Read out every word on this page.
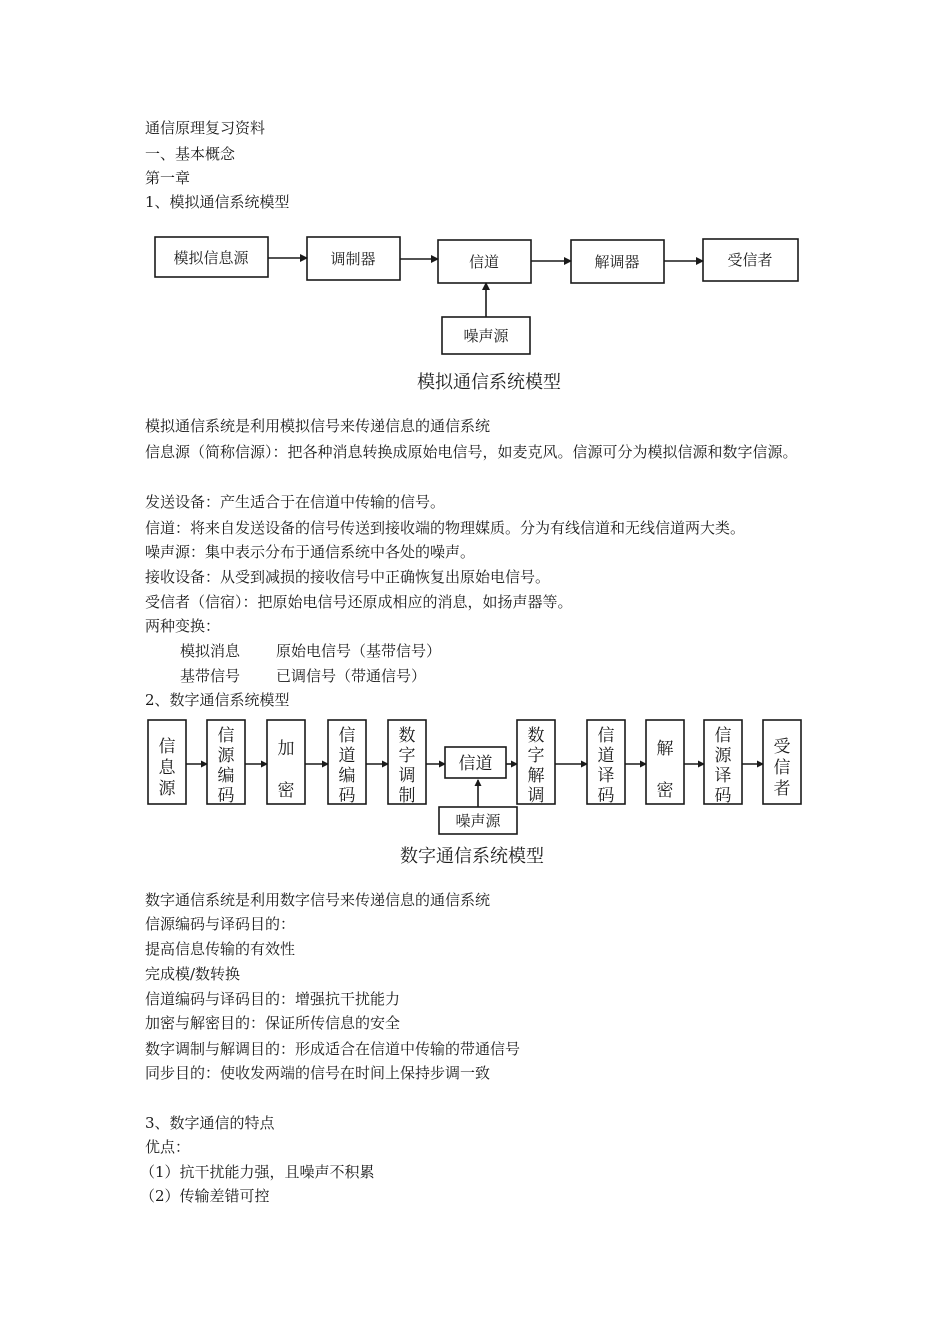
通信原理复习资料
一、基本概念
第一章
1、模拟通信系统模型
模拟信息源	调制器	信道	解调器	受信者
噪声源
模拟通信系统模型
模拟通信系统是利用模拟信号来传递信息的通信系统
信息源（简称信源）：把各种消息转换成原始电信号，如麦克风。信源可分为模拟信源和数字信源。
发送设备：产生适合于在信道中传输的信号。
信道：将来自发送设备的信号传送到接收端的物理媒质。分为有线信道和无线信道两大类。
噪声源：集中表示分布于通信系统中各处的噪声。
接收设备：从受到减损的接收信号中正确恢复出原始电信号。
受信者（信宿）：把原始电信号还原成相应的消息，如扬声器等。
两种变换：
模拟消息 原始电信号（基带信号）
基带信号 已调信号（带通信号）
2、数字通信系统模型
信息源
信源编码
加密
信道编码
数字调制
信道
数字解调
信道译码
解密
信源译码
受信者
噪声源
数字通信系统模型
数字通信系统是利用数字信号来传递信息的通信系统
信源编码与译码目的：
提高信息传输的有效性
完成模/数转换
信道编码与译码目的：增强抗干扰能力
加密与解密目的：保证所传信息的安全
数字调制与解调目的：形成适合在信道中传输的带通信号
同步目的：使收发两端的信号在时间上保持步调一致
3、数字通信的特点
优点：
（1）抗干扰能力强，且噪声不积累
（2）传输差错可控
